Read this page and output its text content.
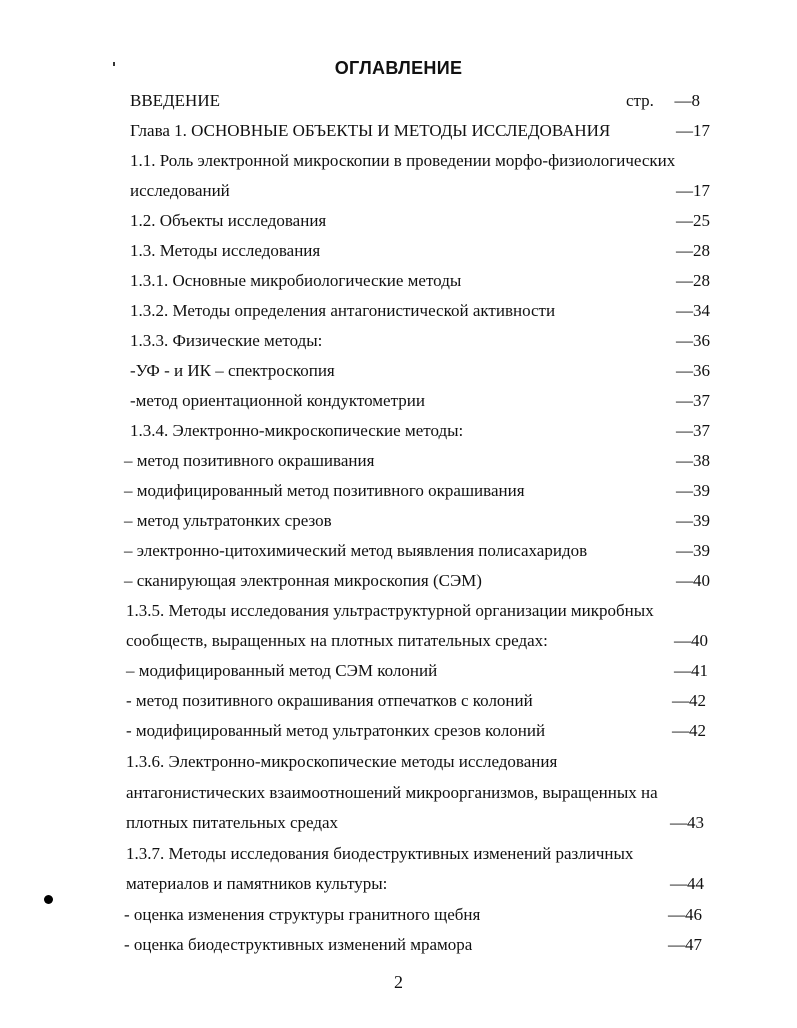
ОГЛАВЛЕНИЕ
стр.
ВВЕДЕНИЕ	—8
Глава 1. ОСНОВНЫЕ ОБЪЕКТЫ И МЕТОДЫ ИССЛЕДОВАНИЯ	—17
1.1. Роль электронной микроскопии в проведении морфо-физиологических
исследований	—17
1.2. Объекты исследования	—25
1.3. Методы исследования	—28
1.3.1. Основные микробиологические методы	—28
1.3.2. Методы определения антагонистической активности	—34
1.3.3. Физические методы:	—36
-УФ - и ИК – спектроскопия	—36
-метод ориентационной кондуктометрии	—37
1.3.4. Электронно-микроскопические методы:	—37
– метод позитивного окрашивания	—38
– модифицированный метод позитивного окрашивания	—39
– метод ультратонких срезов	—39
– электронно-цитохимический метод выявления полисахаридов	—39
– сканирующая электронная микроскопия (СЭМ)	—40
1.3.5. Методы исследования ультраструктурной организации микробных
сообществ, выращенных на плотных питательных средах:	—40
– модифицированный метод СЭМ колоний	—41
- метод позитивного окрашивания отпечатков с колоний	—42
- модифицированный метод ультратонких срезов колоний	—42
1.3.6. Электронно-микроскопические методы исследования
антагонистических взаимоотношений микроорганизмов, выращенных на
плотных питательных средах	—43
1.3.7. Методы исследования биодеструктивных изменений различных
материалов и памятников культуры:	—44
- оценка изменения структуры гранитного щебня	—46
- оценка биодеструктивных изменений мрамора	—47
2
